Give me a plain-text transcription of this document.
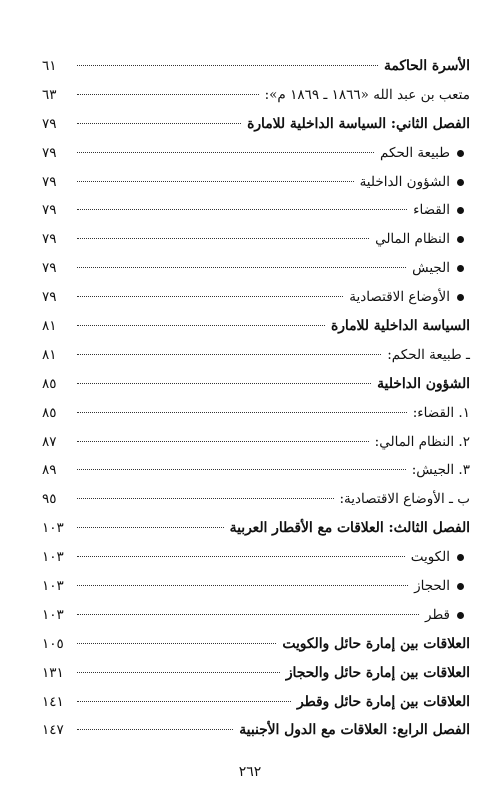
الأسرة الحاكمة
٦١
متعب بن عبد الله «١٨٦٦ ـ ١٨٦٩ م»:
٦٣
الفصل الثاني: السياسة الداخلية للامارة
٧٩
طبيعة الحكم
٧٩
الشؤون الداخلية
٧٩
القضاء
٧٩
النظام المالي
٧٩
الجيش
٧٩
الأوضاع الاقتصادية
٧٩
السياسة الداخلية للامارة
٨١
ـ طبيعة الحكم:
٨١
الشؤون الداخلية
٨٥
١. القضاء:
٨٥
٢. النظام المالي:
٨٧
٣. الجيش:
٨٩
ب ـ الأوضاع الاقتصادية:
٩٥
الفصل الثالث: العلاقات مع الأقطار العربية
١٠٣
الكويت
١٠٣
الحجاز
١٠٣
قطر
١٠٣
العلاقات بين إمارة حائل والكويت
١٠٥
العلاقات بين إمارة حائل والحجاز
١٣١
العلاقات بين إمارة حائل وقطر
١٤١
الفصل الرابع: العلاقات مع الدول الأجنبية
١٤٧
٢٦٢
